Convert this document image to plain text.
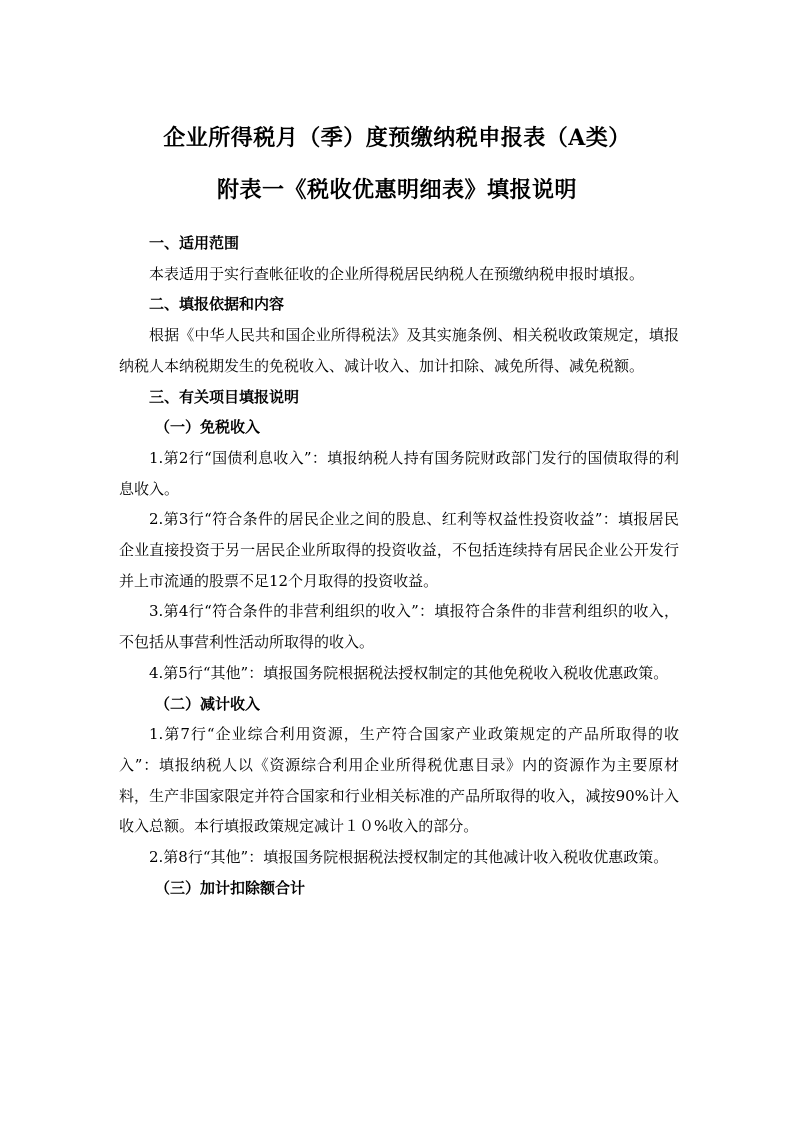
企业所得税月（季）度预缴纳税申报表（A类）
附表一《税收优惠明细表》填报说明

一、适用范围

本表适用于实行查帐征收的企业所得税居民纳税人在预缴纳税申报时填报。

二、填报依据和内容

根据《中华人民共和国企业所得税法》及其实施条例、相关税收政策规定，填报纳税人本纳税期发生的免税收入、减计收入、加计扣除、减免所得、减免税额。

三、有关项目填报说明

（一）免税收入

1.第2行“国债利息收入”：填报纳税人持有国务院财政部门发行的国债取得的利息收入。

2.第3行“符合条件的居民企业之间的股息、红利等权益性投资收益”：填报居民企业直接投资于另一居民企业所取得的投资收益，不包括连续持有居民企业公开发行并上市流通的股票不足12个月取得的投资收益。

3.第4行“符合条件的非营利组织的收入”：填报符合条件的非营利组织的收入，不包括从事营利性活动所取得的收入。

4.第5行“其他”：填报国务院根据税法授权制定的其他免税收入税收优惠政策。

（二）减计收入

1.第7行“企业综合利用资源，生产符合国家产业政策规定的产品所取得的收入”：填报纳税人以《资源综合利用企业所得税优惠目录》内的资源作为主要原材料，生产非国家限定并符合国家和行业相关标准的产品所取得的收入，减按90%计入收入总额。本行填报政策规定减计１０%收入的部分。

2.第8行“其他”：填报国务院根据税法授权制定的其他减计收入税收优惠政策。

（三）加计扣除额合计
